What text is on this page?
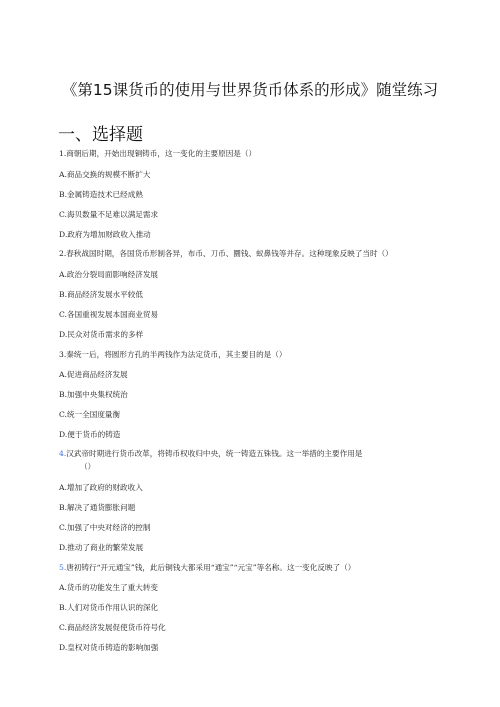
《第15课货币的使用与世界货币体系的形成》随堂练习
一、选择题
1.商朝后期，开始出现铜铸币，这一变化的主要原因是（）
A.商品交换的规模不断扩大
B.金属铸造技术已经成熟
C.海贝数量不足难以满足需求
D.政府为增加财政收入推动
2.春秋战国时期，各国货币形制各异，布币、刀币、圜钱、蚁鼻钱等并存。这种现象反映了当时（）
A.政治分裂局面影响经济发展
B.商品经济发展水平较低
C.各国重视发展本国商业贸易
D.民众对货币需求的多样
3.秦统一后，将圆形方孔的半两钱作为法定货币，其主要目的是（）
A.促进商品经济发展
B.加强中央集权统治
C.统一全国度量衡
D.便于货币的铸造
4.汉武帝时期进行货币改革，将铸币权收归中央，统一铸造五铢钱。这一举措的主要作用是
（）
A.增加了政府的财政收入
B.解决了通货膨胀问题
C.加强了中央对经济的控制
D.推动了商业的繁荣发展
5.唐初铸行“开元通宝”钱，此后铜钱大都采用“通宝”“元宝”等名称。这一变化反映了（）
A.货币的功能发生了重大转变
B.人们对货币作用认识的深化
C.商品经济发展促使货币符号化
D.皇权对货币铸造的影响加强
